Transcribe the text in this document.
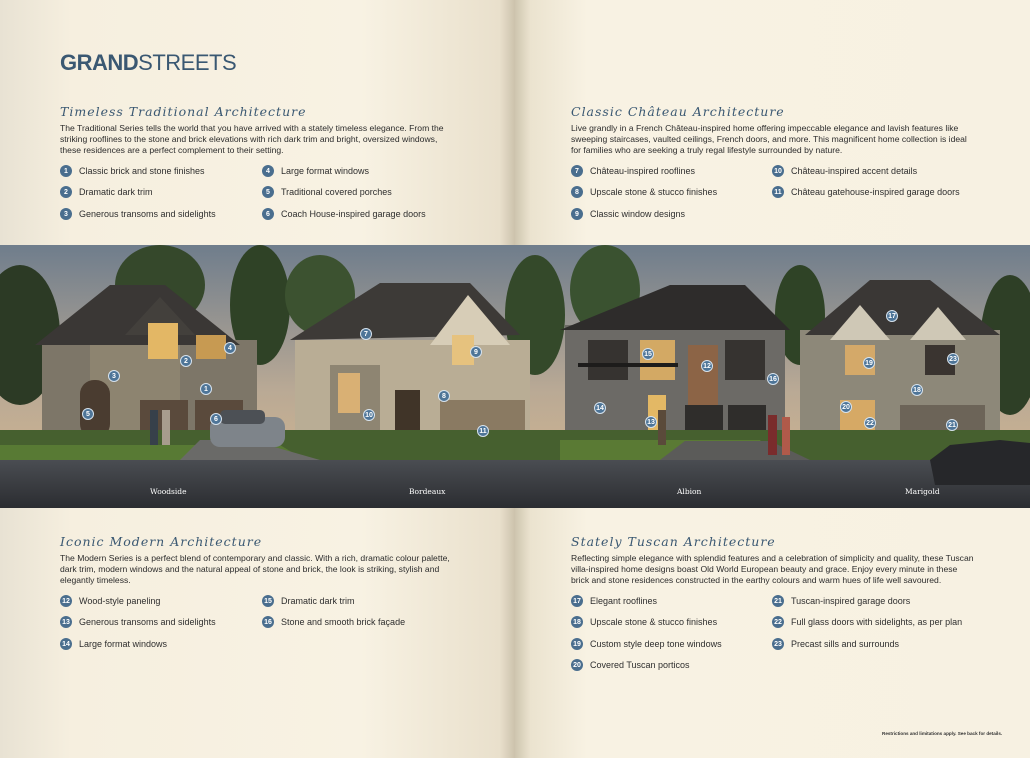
GRANDSTREETS
Timeless Traditional Architecture
The Traditional Series tells the world that you have arrived with a stately timeless elegance. From the striking rooflines to the stone and brick elevations with rich dark trim and bright, oversized windows, these residences are a perfect complement to their setting.
1	Classic brick and stone finishes
2	Dramatic dark trim
3	Generous transoms and sidelights
4	Large format windows
5	Traditional covered porches
6	Coach House-inspired garage doors
Classic Château Architecture
Live grandly in a French Château-inspired home offering impeccable elegance and lavish features like sweeping staircases, vaulted ceilings, French doors, and more. This magnificent home collection is ideal for families who are seeking a truly regal lifestyle surrounded by nature.
7	Château-inspired rooflines
8	Upscale stone & stucco finishes
9	Classic window designs
10 Château-inspired accent details
11 Château gatehouse-inspired garage doors
Woodside	Bordeaux	Albion	Marigold
1
2
3
4
5
6
7
8
9
10
11
12
13
14
15
16
17
18
19
20
21
22
23
Iconic Modern Architecture
The Modern Series is a perfect blend of contemporary and classic. With a rich, dramatic colour palette, dark trim, modern windows and the natural appeal of stone and brick, the look is striking, stylish and elegantly timeless.
12 Wood-style paneling
13 Generous transoms and sidelights
14 Large format windows
15 Dramatic dark trim
16 Stone and smooth brick façade
Stately Tuscan Architecture
Reflecting simple elegance with splendid features and a celebration of simplicity and quality, these Tuscan villa-inspired home designs boast Old World European beauty and grace. Enjoy every minute in these brick and stone residences constructed in the earthy colours and warm hues of life well savoured.
17 Elegant rooflines
18 Upscale stone & stucco finishes
19 Custom style deep tone windows
20 Covered Tuscan porticos
21 Tuscan-inspired garage doors
22 Full glass doors with sidelights, as per plan
23 Precast sills and surrounds
Restrictions and limitations apply. See back for details.
